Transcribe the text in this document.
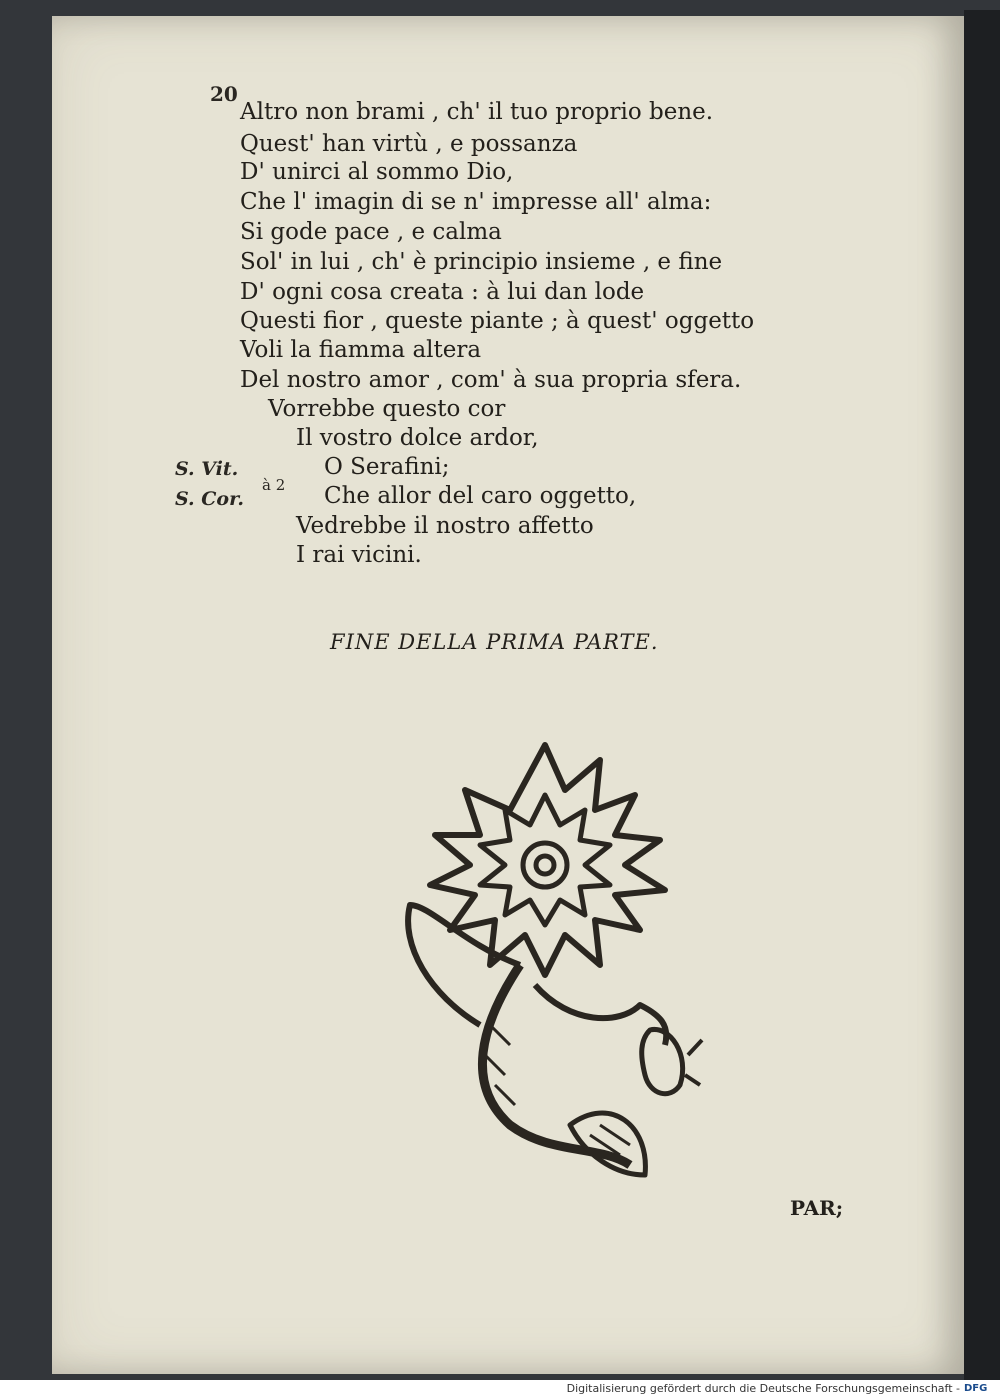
20
Altro non brami , ch' il tuo proprio bene.
Quest' han virtù , e possanza
D' unirci al sommo Dio,
Che l' imagin di se n' impresse all' alma:
Si gode pace , e calma
Sol' in lui , ch' è principio insieme , e fine
D' ogni cosa creata : à lui dan lode
Questi fior , queste piante ; à quest' oggetto
Voli la fiamma altera
Del nostro amor , com' à sua propria sfera.
Vorrebbe questo cor
Il vostro dolce ardor,
O Serafini;
Che allor del caro oggetto,
Vedrebbe il nostro affetto
I rai vicini.
S. Vit.
S. Cor.
à 2
FINE DELLA PRIMA PARTE.
PAR;
Digitalisierung gefördert durch die Deutsche Forschungsgemeinschaft - DFG
